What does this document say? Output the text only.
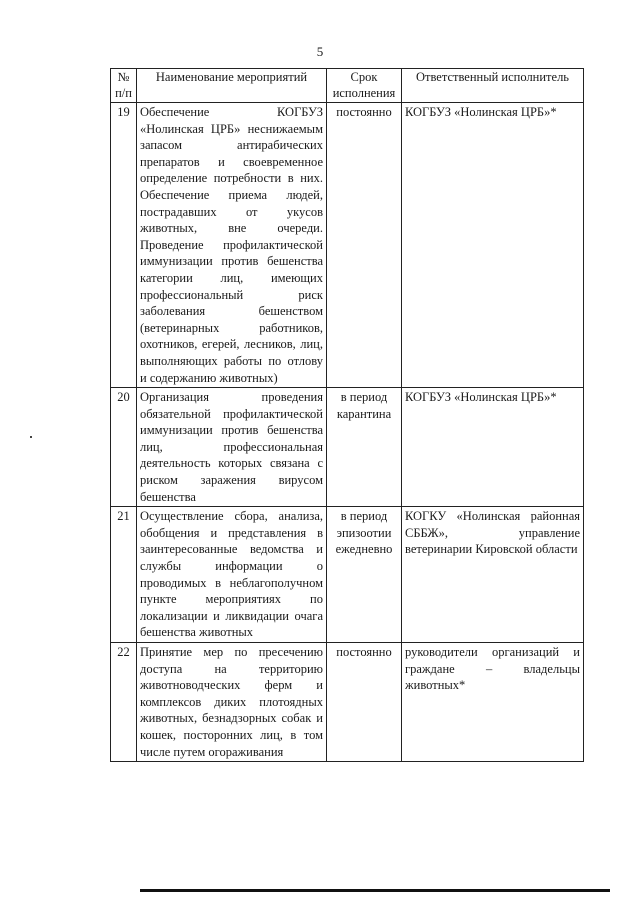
5
№ п/п	Наименование мероприятий	Срок исполнения	Ответственный исполнитель
19	Обеспечение КОГБУЗ «Нолинская ЦРБ» неснижаемым запасом антирабических препаратов и своевременное определение потребности в них. Обеспечение приема людей, пострадавших от укусов животных, вне очереди. Проведение профилактической иммунизации против бешенства категории лиц, имеющих профессиональный риск заболевания бешенством (ветеринарных работников, охотников, егерей, лесников, лиц, выполняющих работы по отлову и содержанию животных)	постоянно	КОГБУЗ «Нолинская ЦРБ»*
20	Организация проведения обязательной профилактической иммунизации против бешенства лиц, профессиональная деятельность которых связана с риском заражения вирусом бешенства	в период карантина	КОГБУЗ «Нолинская ЦРБ»*
21	Осуществление сбора, анализа, обобщения и представления в заинтересованные ведомства и службы информации о проводимых в неблагополучном пункте мероприятиях по локализации и ликвидации очага бешенства животных	в период эпизоотии ежедневно	КОГКУ «Нолинская районная СББЖ», управление ветеринарии Кировской области
22	Принятие мер по пресечению доступа на территорию животноводческих ферм и комплексов диких плотоядных животных, безнадзорных собак и кошек, посторонних лиц, в том числе путем огораживания	постоянно	руководители организаций и граждане – владельцы животных*
